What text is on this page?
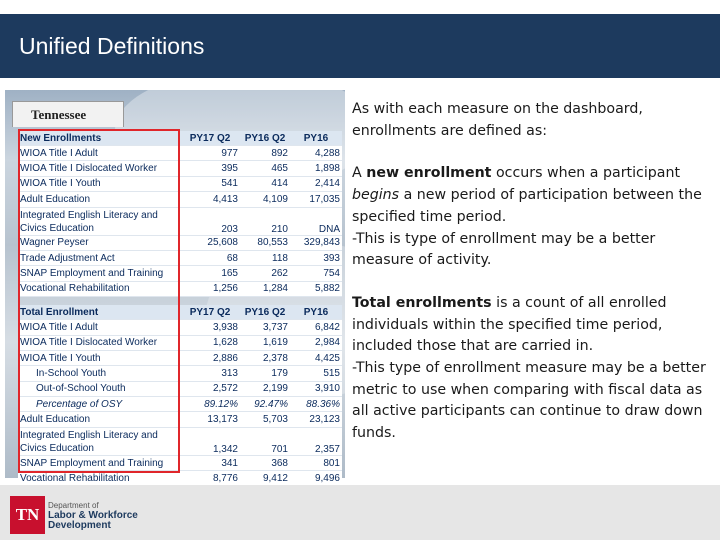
Unified Definitions
Tennessee
New Enrollments	PY17 Q2	PY16 Q2	PY16
WIOA Title I Adult	977	892	4,288
WIOA Title I Dislocated Worker	395	465	1,898
WIOA Title I Youth	541	414	2,414
Adult Education	4,413	4,109	17,035

Integrated English Literacy and Civics Education	203	210	DNA
Wagner Peyser	25,608	80,553	329,843
Trade Adjustment Act	68	118	393
SNAP Employment and Training	165	262	754
Vocational Rehabilitation	1,256	1,284	5,882
Total Enrollment	PY17 Q2	PY16 Q2	PY16
WIOA Title I Adult	3,938	3,737	6,842
WIOA Title I Dislocated Worker	1,628	1,619	2,984
WIOA Title I Youth	2,886	2,378	4,425
In-School Youth	313	179	515
Out-of-School Youth	2,572	2,199	3,910
Percentage of OSY	89.12%	92.47%	88.36%
Adult Education	13,173	5,703	23,123

Integrated English Literacy and Civics Education	1,342	701	2,357
SNAP Employment and Training	341	368	801
Vocational Rehabilitation	8,776	9,412	9,496

As with each measure on the dashboard, enrollments are defined as:

A new enrollment occurs when a participant begins a new period of participation between the specified time period.

-This is type of enrollment may be a better measure of activity.

Total enrollments is a count of all enrolled individuals within the specified time period, included those that are carried in.

-This type of enrollment measure may be a better metric to use when comparing with fiscal data as all active participants can continue to draw down funds.

TN	Department of
Labor & Workforce
Development
